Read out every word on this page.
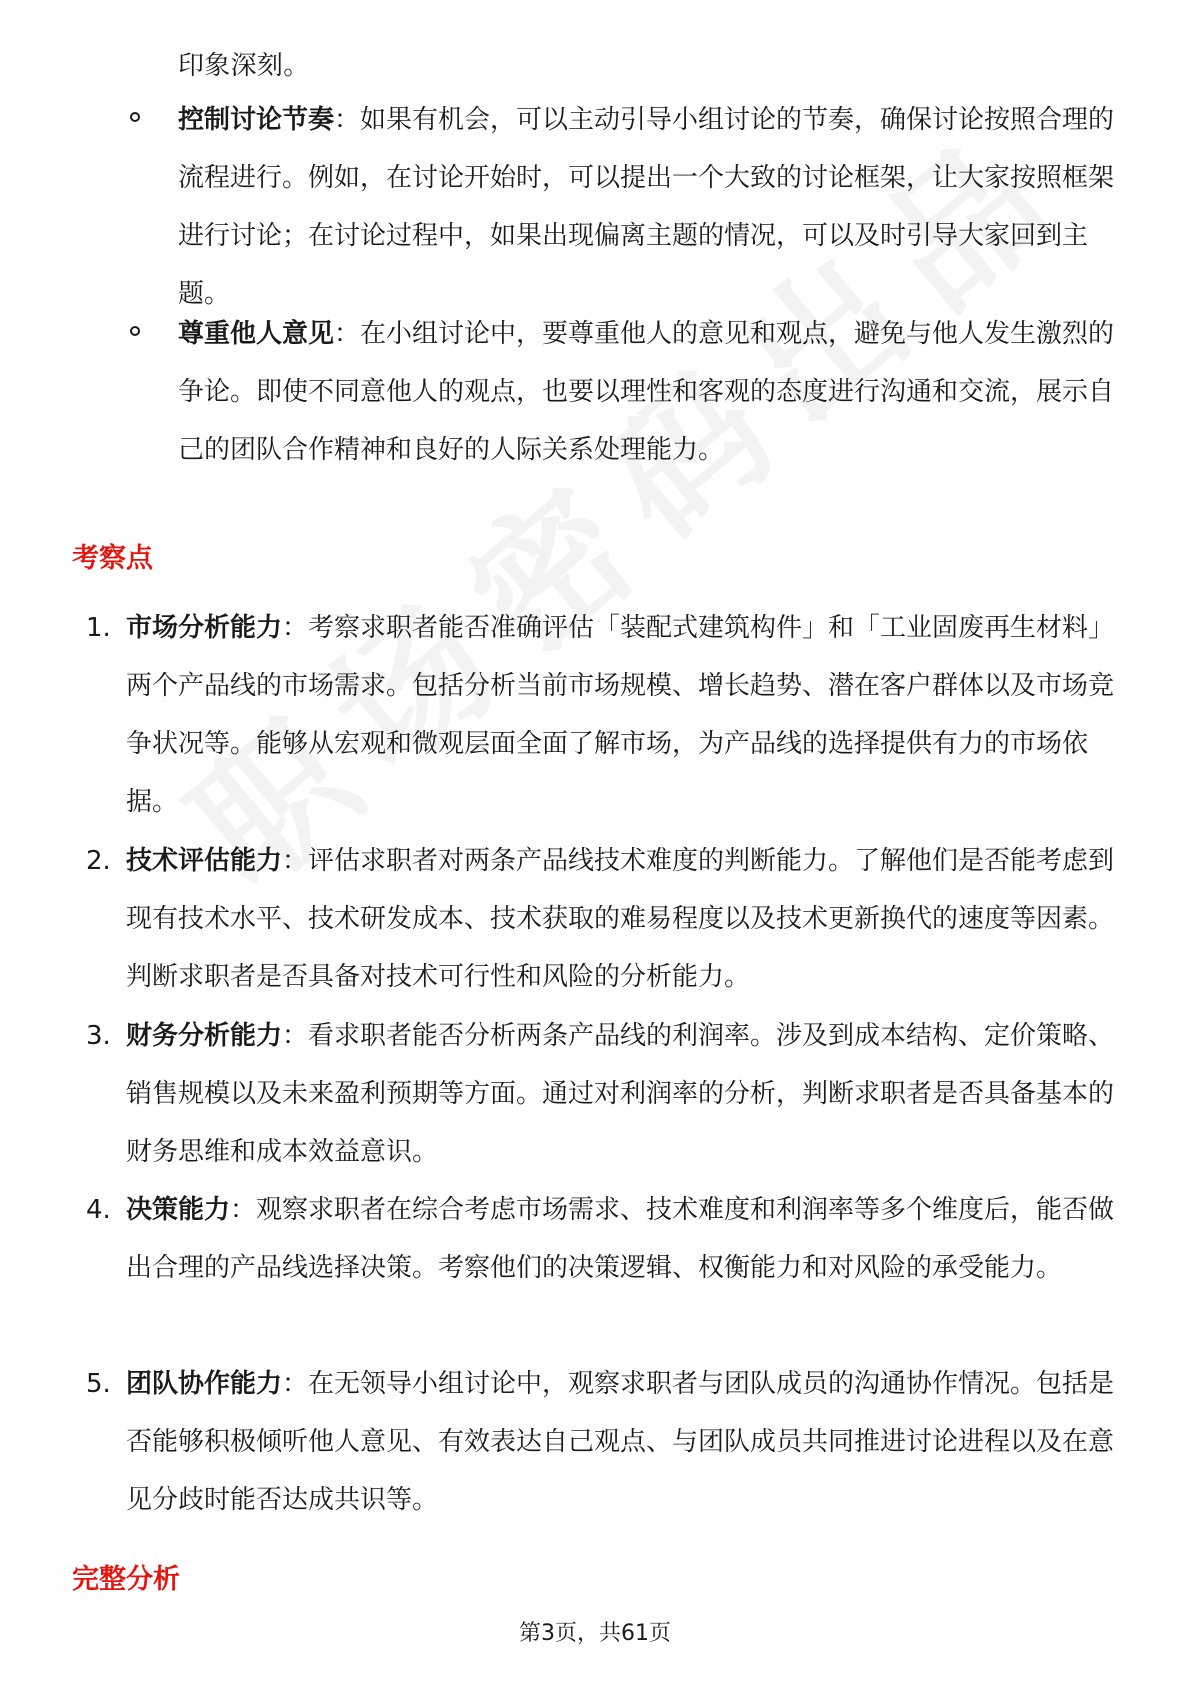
印象深刻。
控制讨论节奏：如果有机会，可以主动引导小组讨论的节奏，确保讨论按照合理的流程进行。例如，在讨论开始时，可以提出一个大致的讨论框架，让大家按照框架进行讨论；在讨论过程中，如果出现偏离主题的情况，可以及时引导大家回到主题。
尊重他人意见：在小组讨论中，要尊重他人的意见和观点，避免与他人发生激烈的争论。即使不同意他人的观点，也要以理性和客观的态度进行沟通和交流，展示自己的团队合作精神和良好的人际关系处理能力。
考察点
1. 市场分析能力：考察求职者能否准确评估「装配式建筑构件」和「工业固废再生材料」两个产品线的市场需求。包括分析当前市场规模、增长趋势、潜在客户群体以及市场竞争状况等。能够从宏观和微观层面全面了解市场，为产品线的选择提供有力的市场依据。
2. 技术评估能力：评估求职者对两条产品线技术难度的判断能力。了解他们是否能考虑到现有技术水平、技术研发成本、技术获取的难易程度以及技术更新换代的速度等因素。判断求职者是否具备对技术可行性和风险的分析能力。
3. 财务分析能力：看求职者能否分析两条产品线的利润率。涉及到成本结构、定价策略、销售规模以及未来盈利预期等方面。通过对利润率的分析，判断求职者是否具备基本的财务思维和成本效益意识。
4. 决策能力：观察求职者在综合考虑市场需求、技术难度和利润率等多个维度后，能否做出合理的产品线选择决策。考察他们的决策逻辑、权衡能力和对风险的承受能力。
5. 团队协作能力：在无领导小组讨论中，观察求职者与团队成员的沟通协作情况。包括是否能够积极倾听他人意见、有效表达自己观点、与团队成员共同推进讨论进程以及在意见分歧时能否达成共识等。
完整分析
第3页，共61页
